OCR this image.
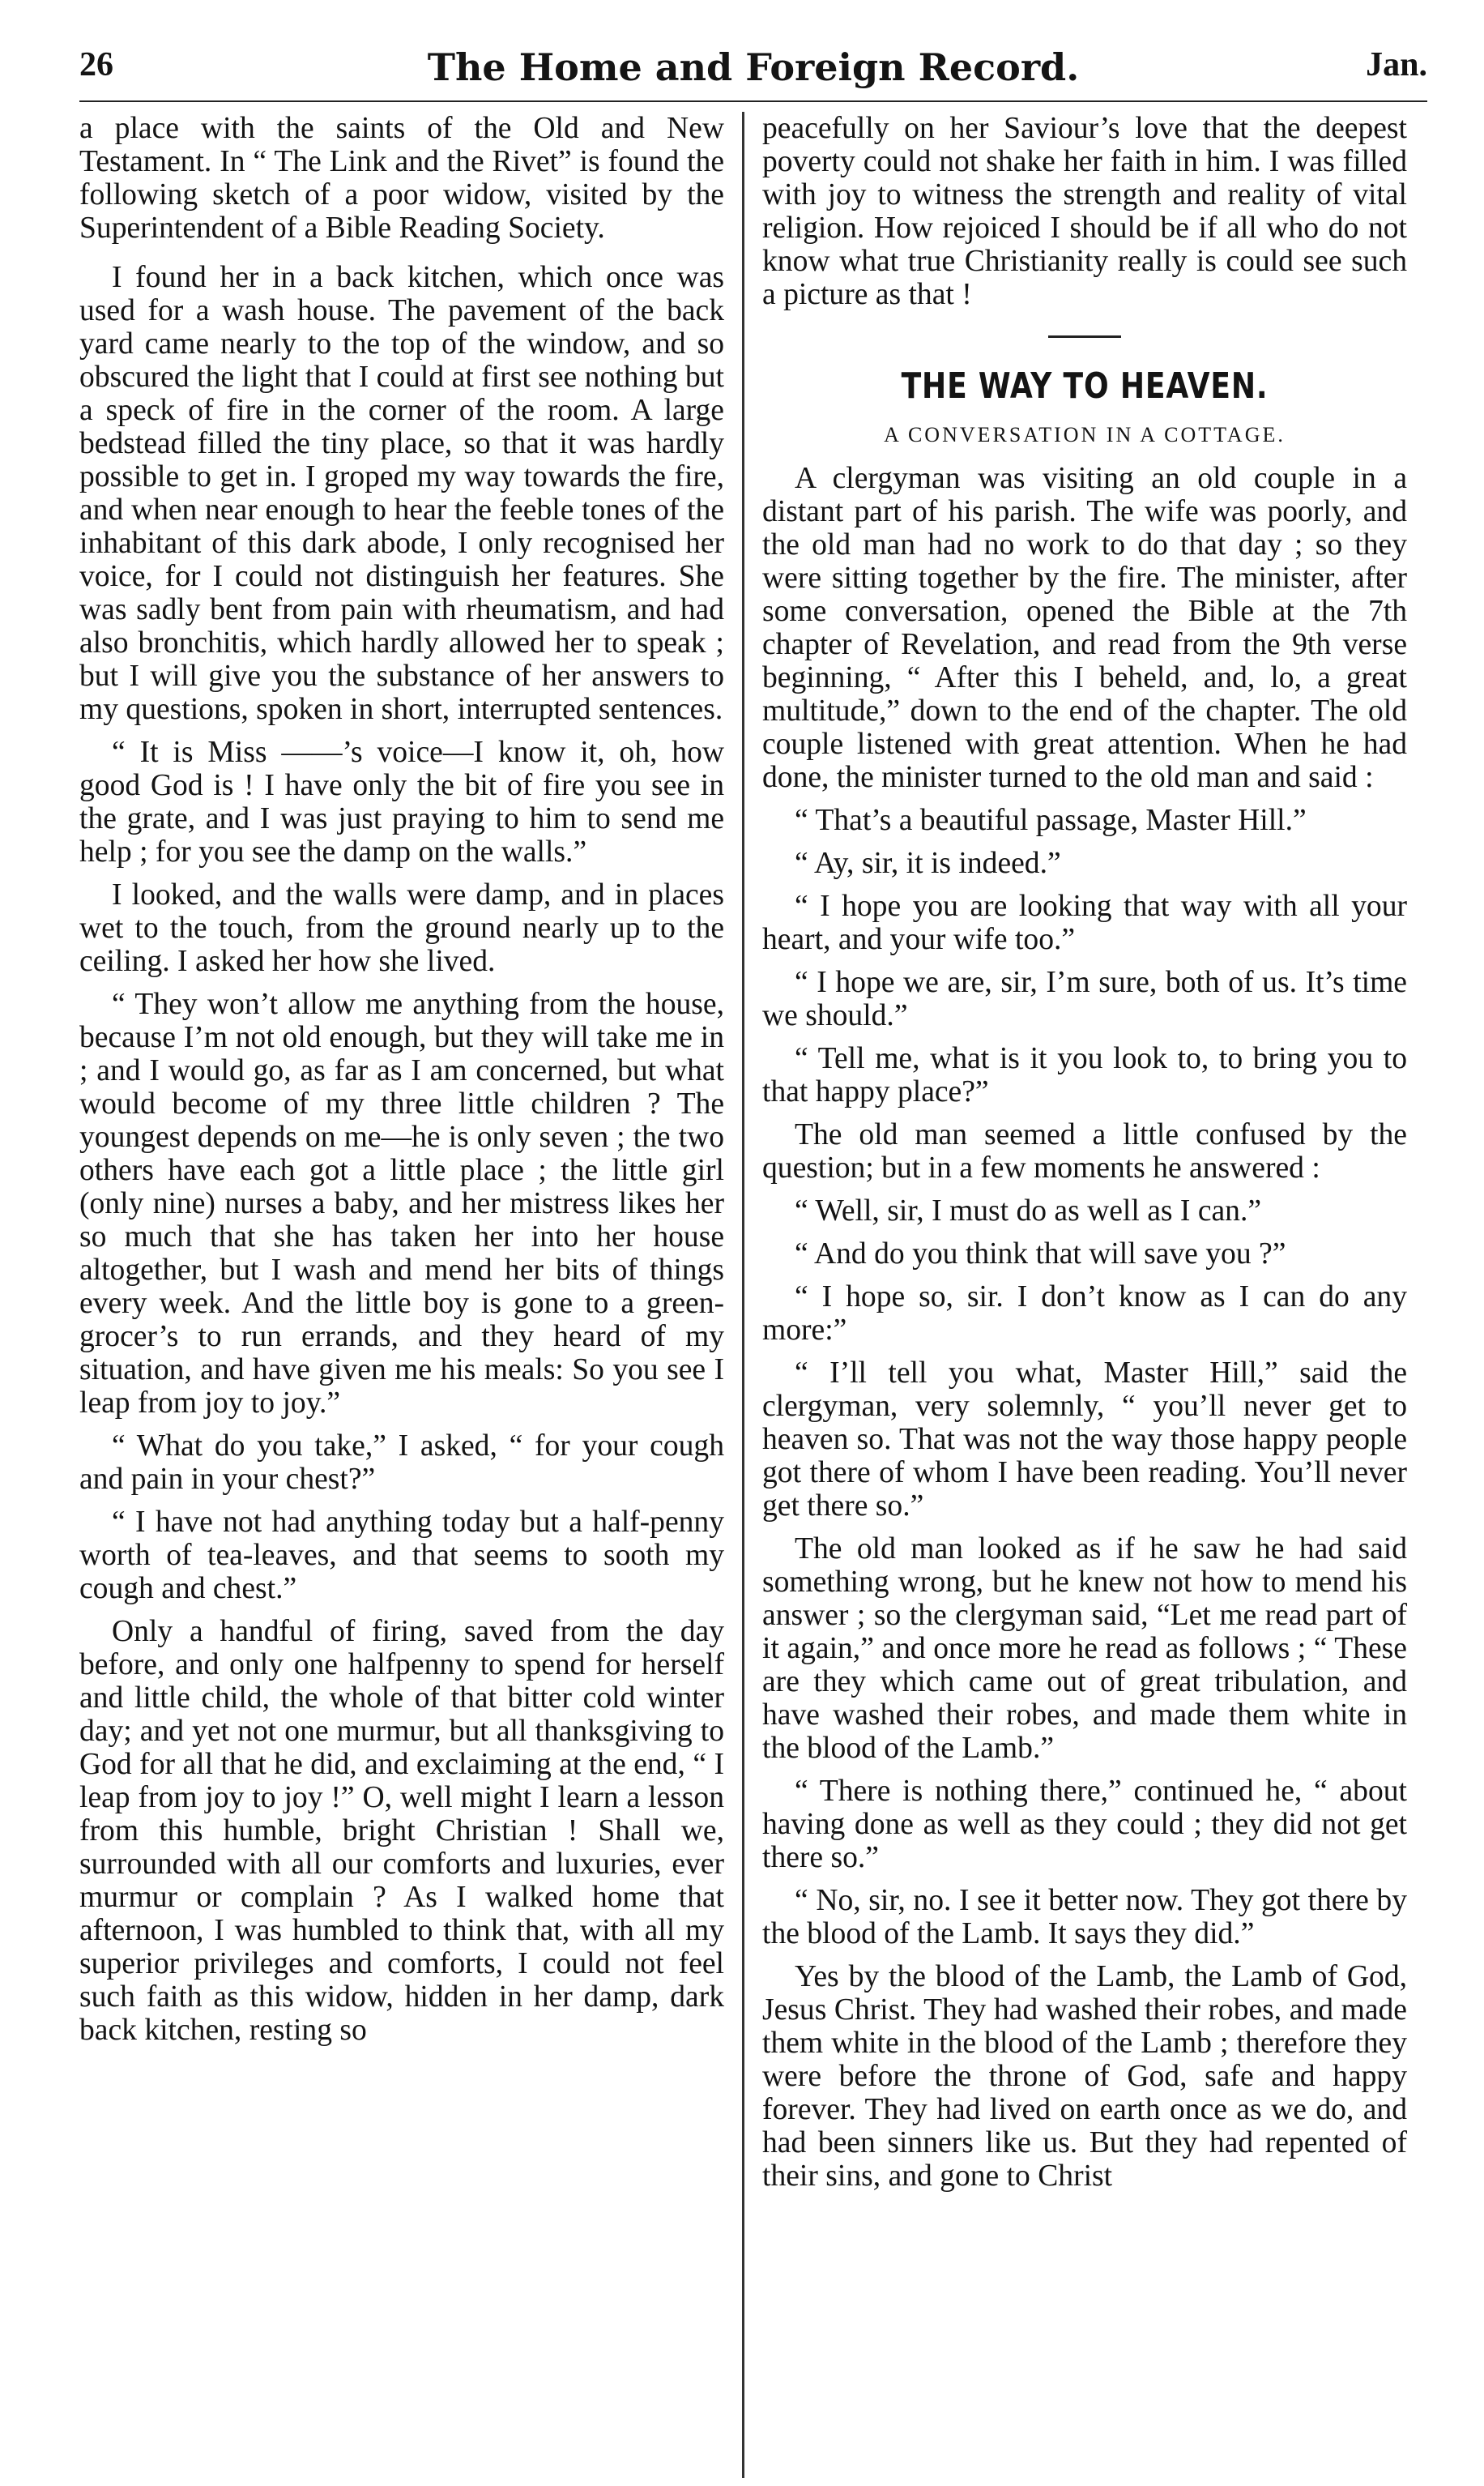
26	The Home and Foreign Record.	Jan.

a place with the saints of the Old and New Testament. In “ The Link and the Rivet” is found the following sketch of a poor widow, visited by the Superintendent of a Bible Reading Society.

I found her in a back kitchen, which once was used for a wash house. The pavement of the back yard came nearly to the top of the window, and so obscured the light that I could at first see nothing but a speck of fire in the corner of the room. A large bedstead filled the tiny place, so that it was hardly possible to get in. I groped my way towards the fire, and when near enough to hear the feeble tones of the inhabitant of this dark abode, I only recognised her voice, for I could not distinguish her features. She was sadly bent from pain with rheumatism, and had also bronchitis, which hardly allowed her to speak ; but I will give you the substance of her answers to my questions, spoken in short, interrupted sentences.

“ It is Miss ——’s voice—I know it, oh, how good God is ! I have only the bit of fire you see in the grate, and I was just praying to him to send me help ; for you see the damp on the walls.”

I looked, and the walls were damp, and in places wet to the touch, from the ground nearly up to the ceiling. I asked her how she lived.

“ They won’t allow me anything from the house, because I’m not old enough, but they will take me in ; and I would go, as far as I am concerned, but what would become of my three little children ? The youngest depends on me—he is only seven ; the two others have each got a little place ; the little girl (only nine) nurses a baby, and her mistress likes her so much that she has taken her into her house altogether, but I wash and mend her bits of things every week. And the little boy is gone to a green-grocer’s to run errands, and they heard of my situation, and have given me his meals: So you see I leap from joy to joy.”

“ What do you take,” I asked, “ for your cough and pain in your chest?”

“ I have not had anything today but a half-penny worth of tea-leaves, and that seems to sooth my cough and chest.”

Only a handful of firing, saved from the day before, and only one halfpenny to spend for herself and little child, the whole of that bitter cold winter day; and yet not one murmur, but all thanksgiving to God for all that he did, and exclaiming at the end, “ I leap from joy to joy !” O, well might I learn a lesson from this humble, bright Christian ! Shall we, surrounded with all our comforts and luxuries, ever murmur or complain ? As I walked home that afternoon, I was humbled to think that, with all my superior privileges and comforts, I could not feel such faith as this widow, hidden in her damp, dark back kitchen, resting so

peacefully on her Saviour’s love that the deepest poverty could not shake her faith in him. I was filled with joy to witness the strength and reality of vital religion. How rejoiced I should be if all who do not know what true Christianity really is could see such a picture as that !

THE WAY TO HEAVEN.
A CONVERSATION IN A COTTAGE.

A clergyman was visiting an old couple in a distant part of his parish. The wife was poorly, and the old man had no work to do that day ; so they were sitting together by the fire. The minister, after some conversation, opened the Bible at the 7th chapter of Revelation, and read from the 9th verse beginning, “ After this I beheld, and, lo, a great multitude,” down to the end of the chapter. The old couple listened with great attention. When he had done, the minister turned to the old man and said :

“ That’s a beautiful passage, Master Hill.”

“ Ay, sir, it is indeed.”

“ I hope you are looking that way with all your heart, and your wife too.”

“ I hope we are, sir, I’m sure, both of us. It’s time we should.”

“ Tell me, what is it you look to, to bring you to that happy place?”

The old man seemed a little confused by the question; but in a few moments he answered :

“ Well, sir, I must do as well as I can.”

“ And do you think that will save you ?”

“ I hope so, sir. I don’t know as I can do any more:”

“ I’ll tell you what, Master Hill,” said the clergyman, very solemnly, “ you’ll never get to heaven so. That was not the way those happy people got there of whom I have been reading. You’ll never get there so.”

The old man looked as if he saw he had said something wrong, but he knew not how to mend his answer ; so the clergyman said, “Let me read part of it again,” and once more he read as follows ; “ These are they which came out of great tribulation, and have washed their robes, and made them white in the blood of the Lamb.”

“ There is nothing there,” continued he, “ about having done as well as they could ; they did not get there so.”

“ No, sir, no. I see it better now. They got there by the blood of the Lamb. It says they did.”

Yes by the blood of the Lamb, the Lamb of God, Jesus Christ. They had washed their robes, and made them white in the blood of the Lamb ; therefore they were before the throne of God, safe and happy forever. They had lived on earth once as we do, and had been sinners like us. But they had repented of their sins, and gone to Christ
